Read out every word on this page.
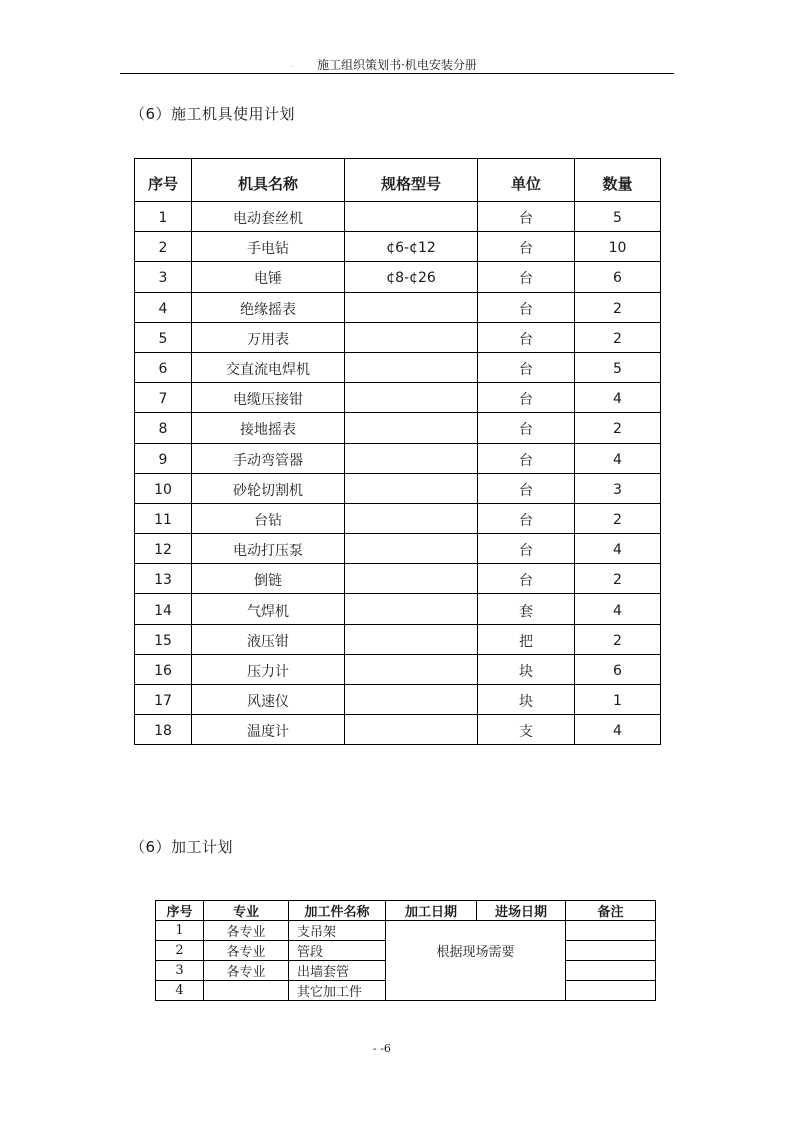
施工组织策划书·机电安装分册
.
（6）施工机具使用计划
序号	机具名称	规格型号	单位	数量
1	电动套丝机		台	5
2	手电钻	¢6-¢12	台	10
3	电锤	¢8-¢26	台	6
4	绝缘摇表		台	2
5	万用表		台	2
6	交直流电焊机		台	5
7	电缆压接钳		台	4
8	接地摇表		台	2
9	手动弯管器		台	4
10	砂轮切割机		台	3
11	台钻		台	2
12	电动打压泵		台	4
13	倒链		台	2
14	气焊机		套	4
15	液压钳		把	2
16	压力计		块	6
17	风速仪		块	1
18	温度计		支	4
（6）加工计划
序号	专业	加工件名称	加工日期	进场日期	备注
1	各专业	支吊架	根据现场需要		
2	各专业	管段			
3	各专业	出墙套管			
4		其它加工件			
- -6
